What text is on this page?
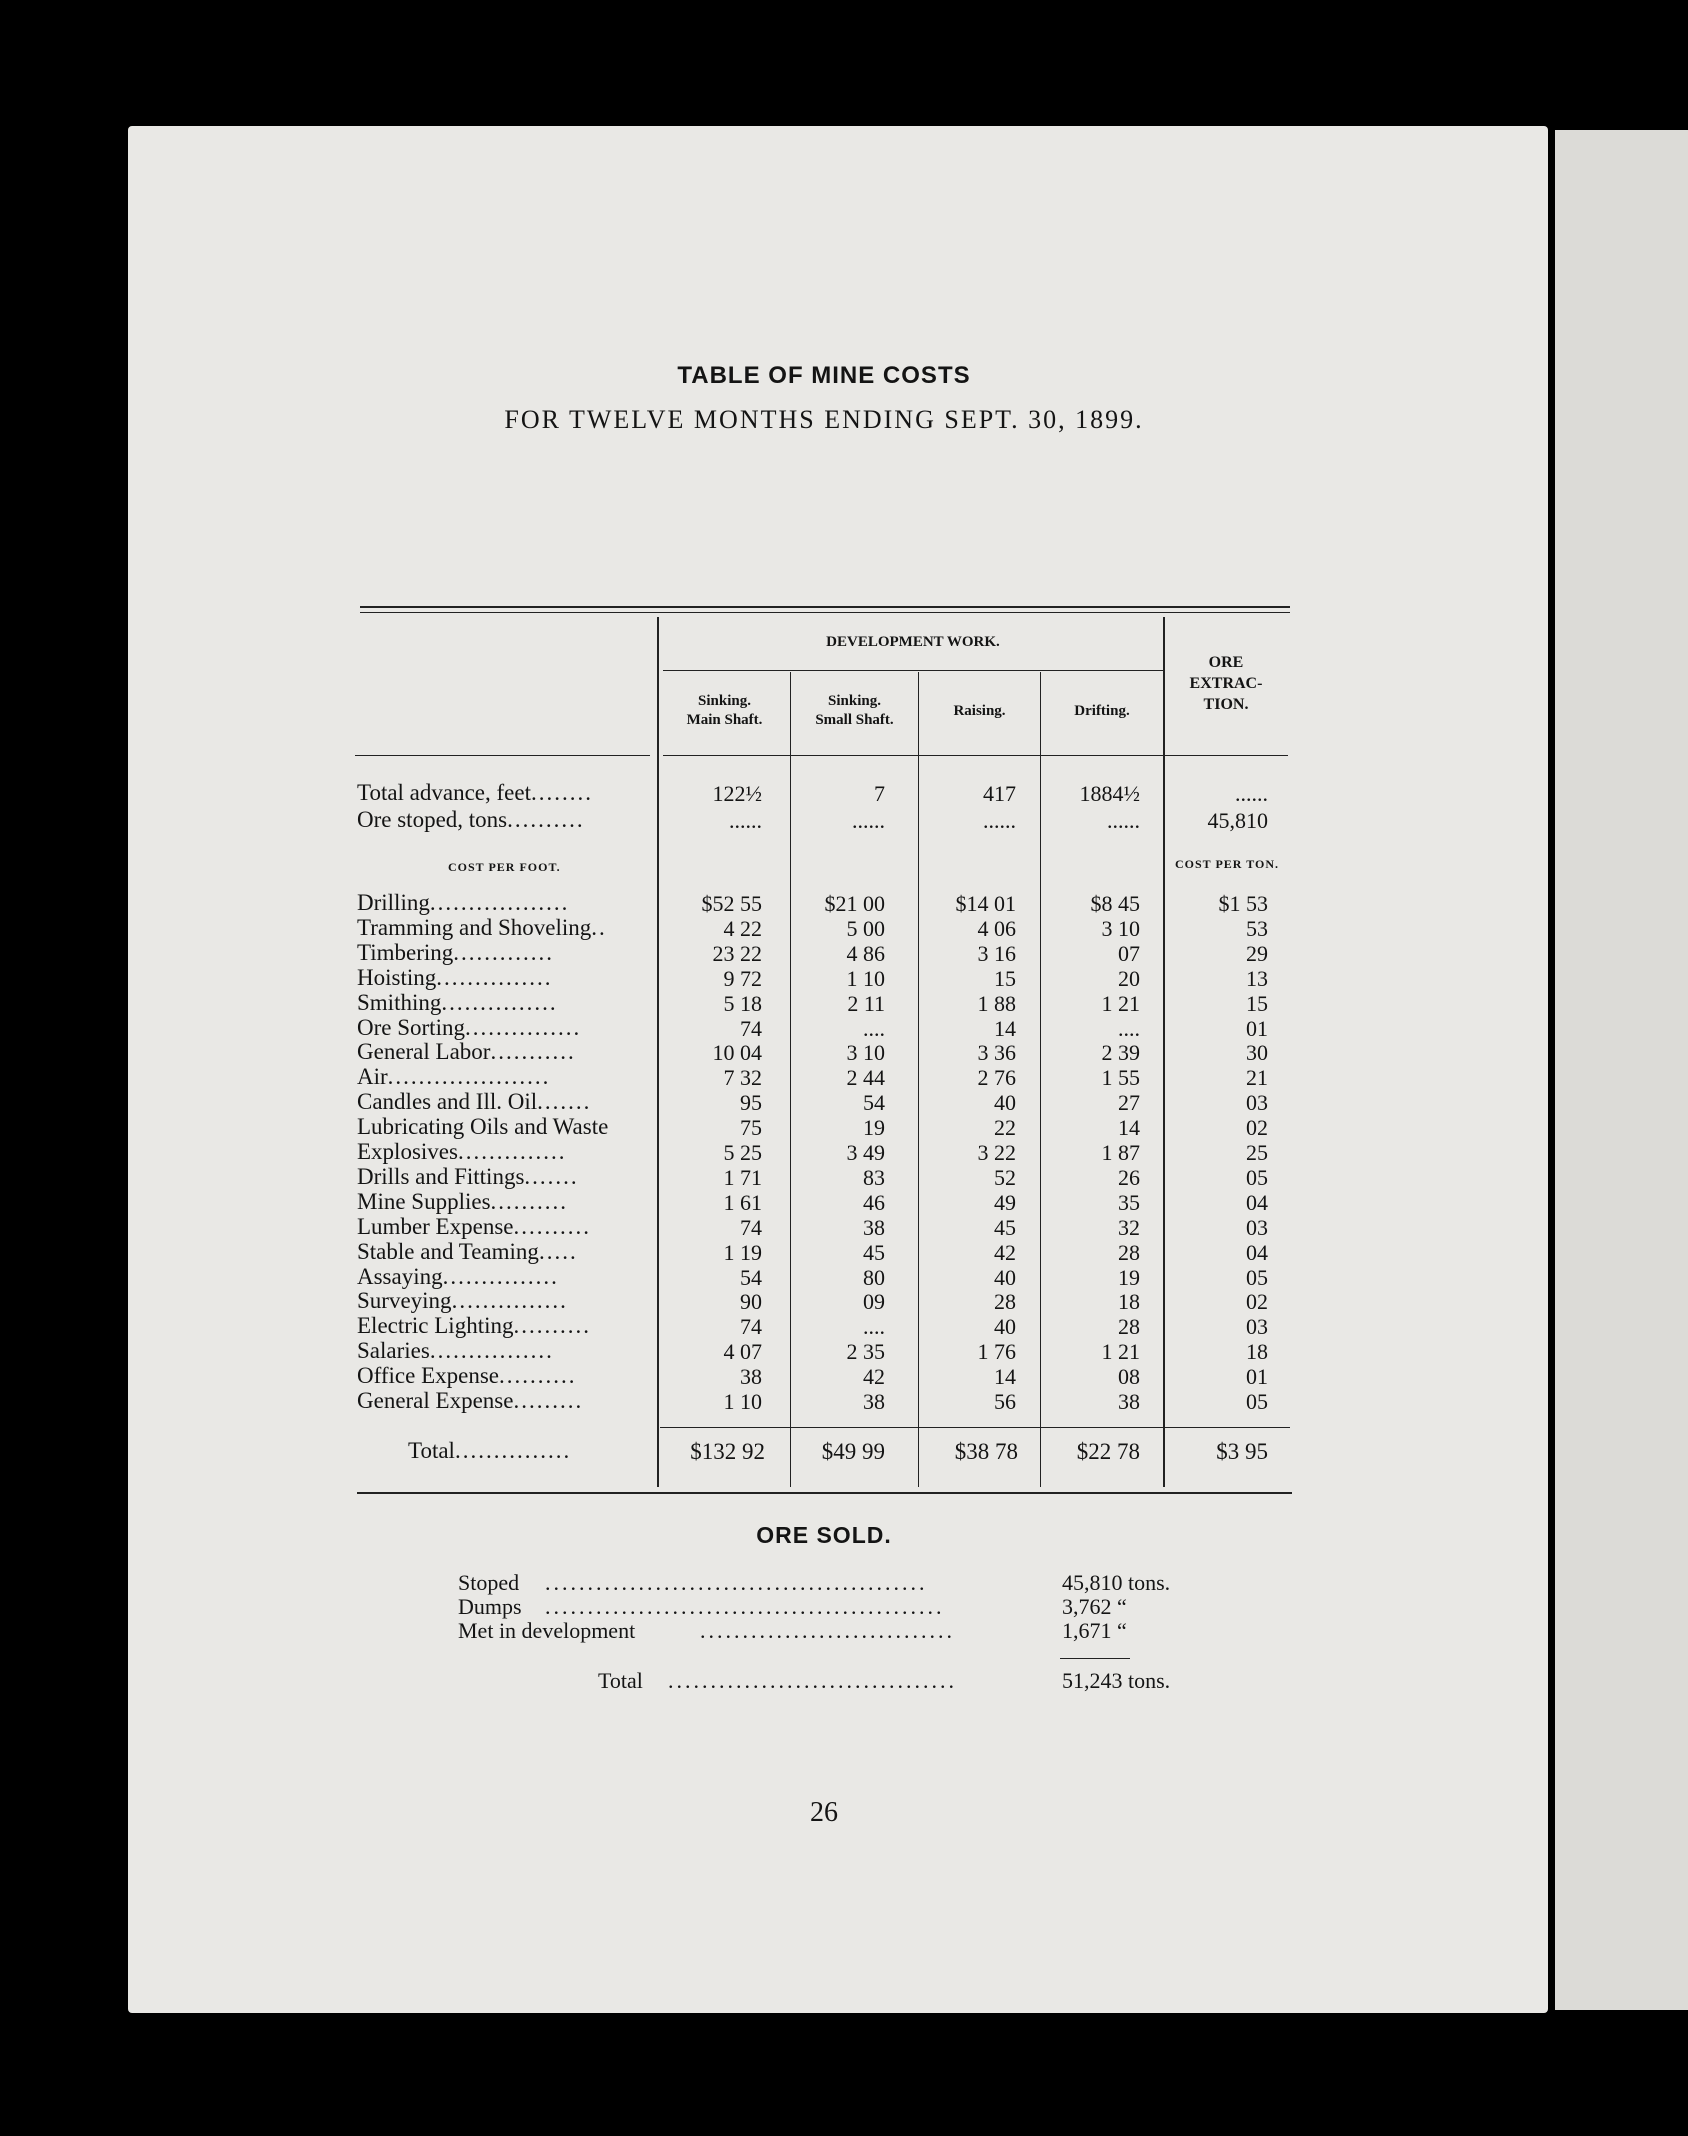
TABLE OF MINE COSTS
FOR TWELVE MONTHS ENDING SEPT. 30, 1899.
DEVELOPMENT WORK.
Sinking.
Main Shaft.
Sinking.
Small Shaft.
Raising.	Drifting.
ORE
EXTRAC-
TION.
COST PER FOOT.	COST PER TON.
Total advance, feet........	122½	7	417	1884½	......
Ore stoped, tons..........	......	......	......	......	45,810
Drilling..................	$52 55	$21 00	$14 01	$8 45	$1 53
Tramming and Shoveling..	4 22	5 00	4 06	3 10	53
Timbering.............	23 22	4 86	3 16	07	29
Hoisting...............	9 72	1 10	15	20	13
Smithing...............	5 18	2 11	1 88	1 21	15
Ore Sorting...............	74	....	14	....	01
General Labor...........	10 04	3 10	3 36	2 39	30
Air.....................	7 32	2 44	2 76	1 55	21
Candles and Ill. Oil.......	95	54	40	27	03
Lubricating Oils and Waste	75	19	22	14	02
Explosives..............	5 25	3 49	3 22	1 87	25
Drills and Fittings.......	1 71	83	52	26	05
Mine Supplies..........	1 61	46	49	35	04
Lumber Expense..........	74	38	45	32	03
Stable and Teaming.....	1 19	45	42	28	04
Assaying...............	54	80	40	19	05
Surveying...............	90	09	28	18	02
Electric Lighting..........	74	....	40	28	03
Salaries................	4 07	2 35	1 76	1 21	18
Office Expense..........	38	42	14	08	01
General Expense.........	1 10	38	56	38	05
Total...............	$132 92 $49 99	$38 78	$22 78	$3 95
ORE SOLD.
Stoped .............................................	45,810 tons.
Dumps ...............................................	3,762 “
Met in development	..............................	1,671 “
Total ..................................	51,243 tons.
26
